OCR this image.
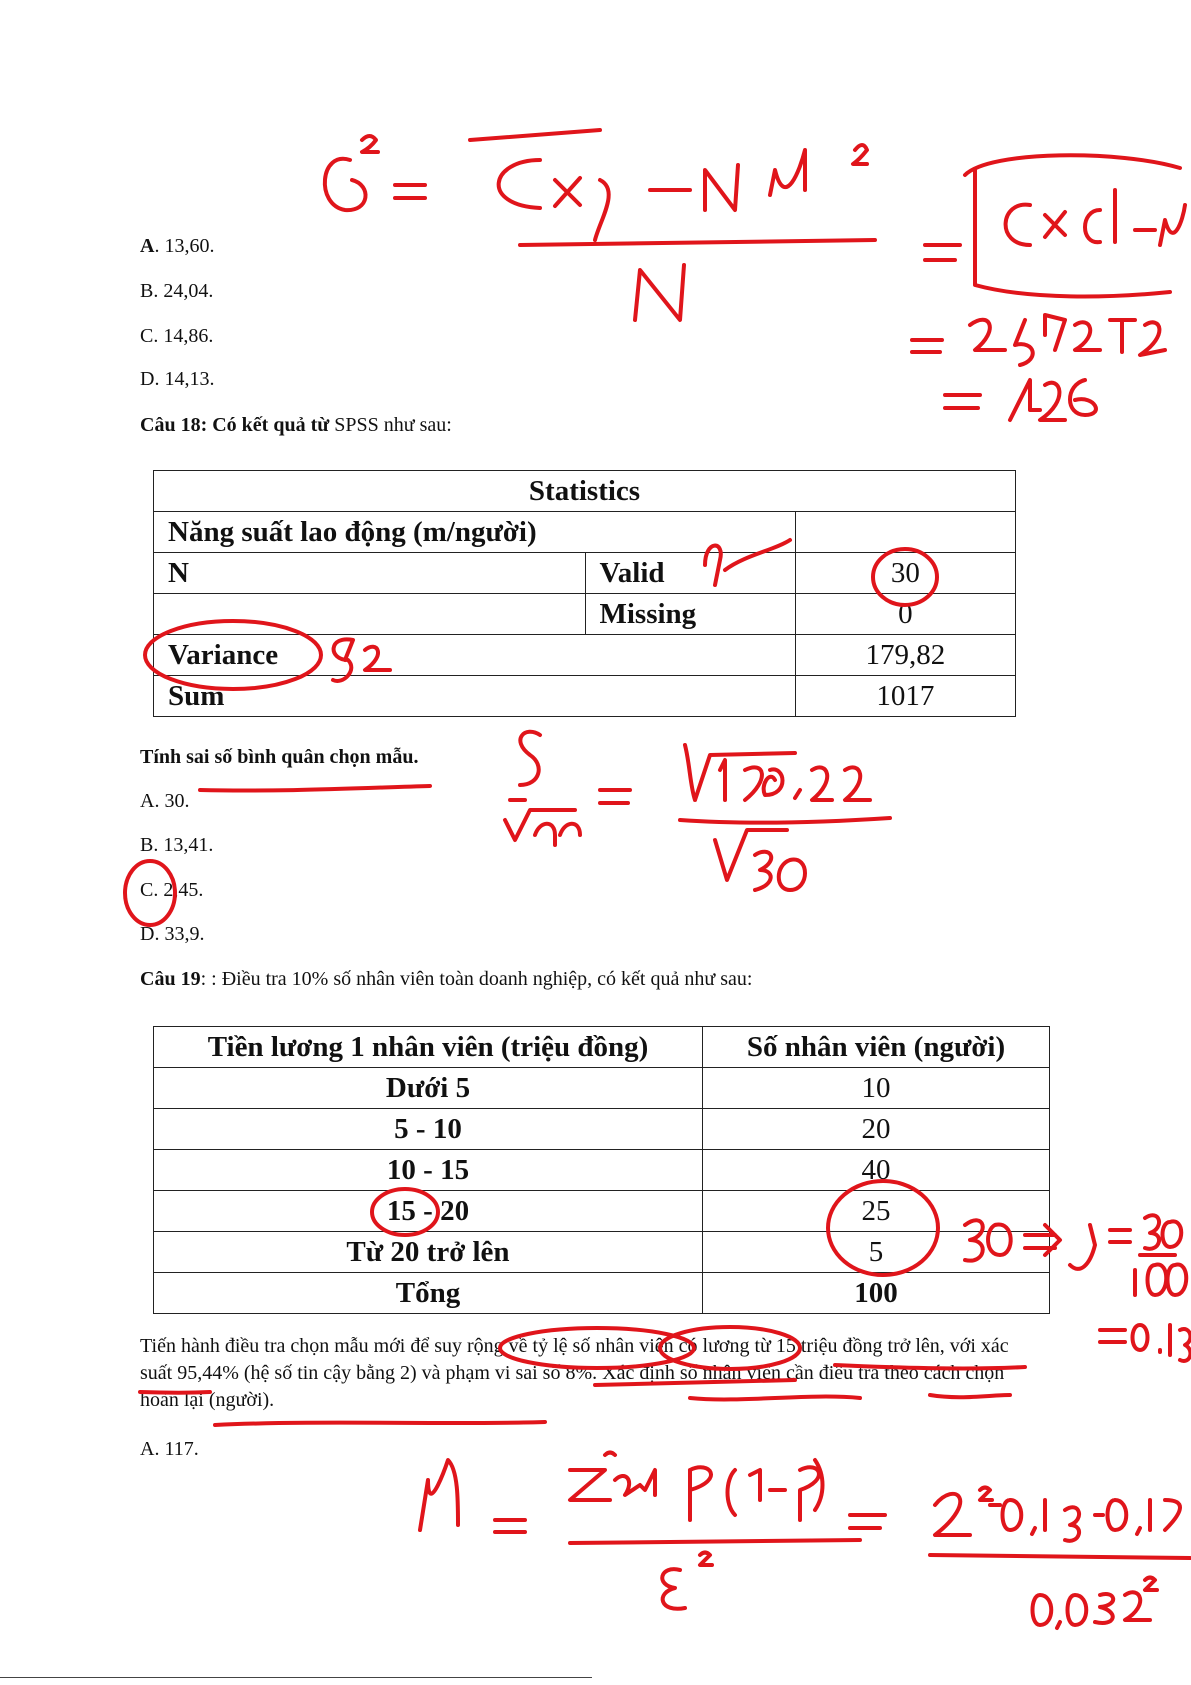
A. 13,60.
B. 24,04.
C. 14,86.
D. 14,13.
Câu 18: Có kết quả từ SPSS như sau:
Statistics		
Năng suất lao động (m/người)		
N	Valid	30
	Missing	0
Variance		179,82
Sum		1017
Tính sai số bình quân chọn mẫu.
A. 30.
B. 13,41.
C. 2,45.
D. 33,9.
Câu 19: : Điều tra 10% số nhân viên toàn doanh nghiệp, có kết quả như sau:
Tiền lương 1 nhân viên (triệu đồng)	Số nhân viên (người)
Dưới 5	10
5 - 10	20
10 - 15	40
15 - 20	25
Từ 20 trở lên	5
Tổng	100
Tiến hành điều tra chọn mẫu mới để suy rộng về tỷ lệ số nhân viên có lương từ 15 triệu đồng trở lên, với xác suất 95,44% (hệ số tin cậy bằng 2) và phạm vi sai số 8%. Xác định số nhân viên cần điều tra theo cách chọn hoàn lại (người).
A. 117.
